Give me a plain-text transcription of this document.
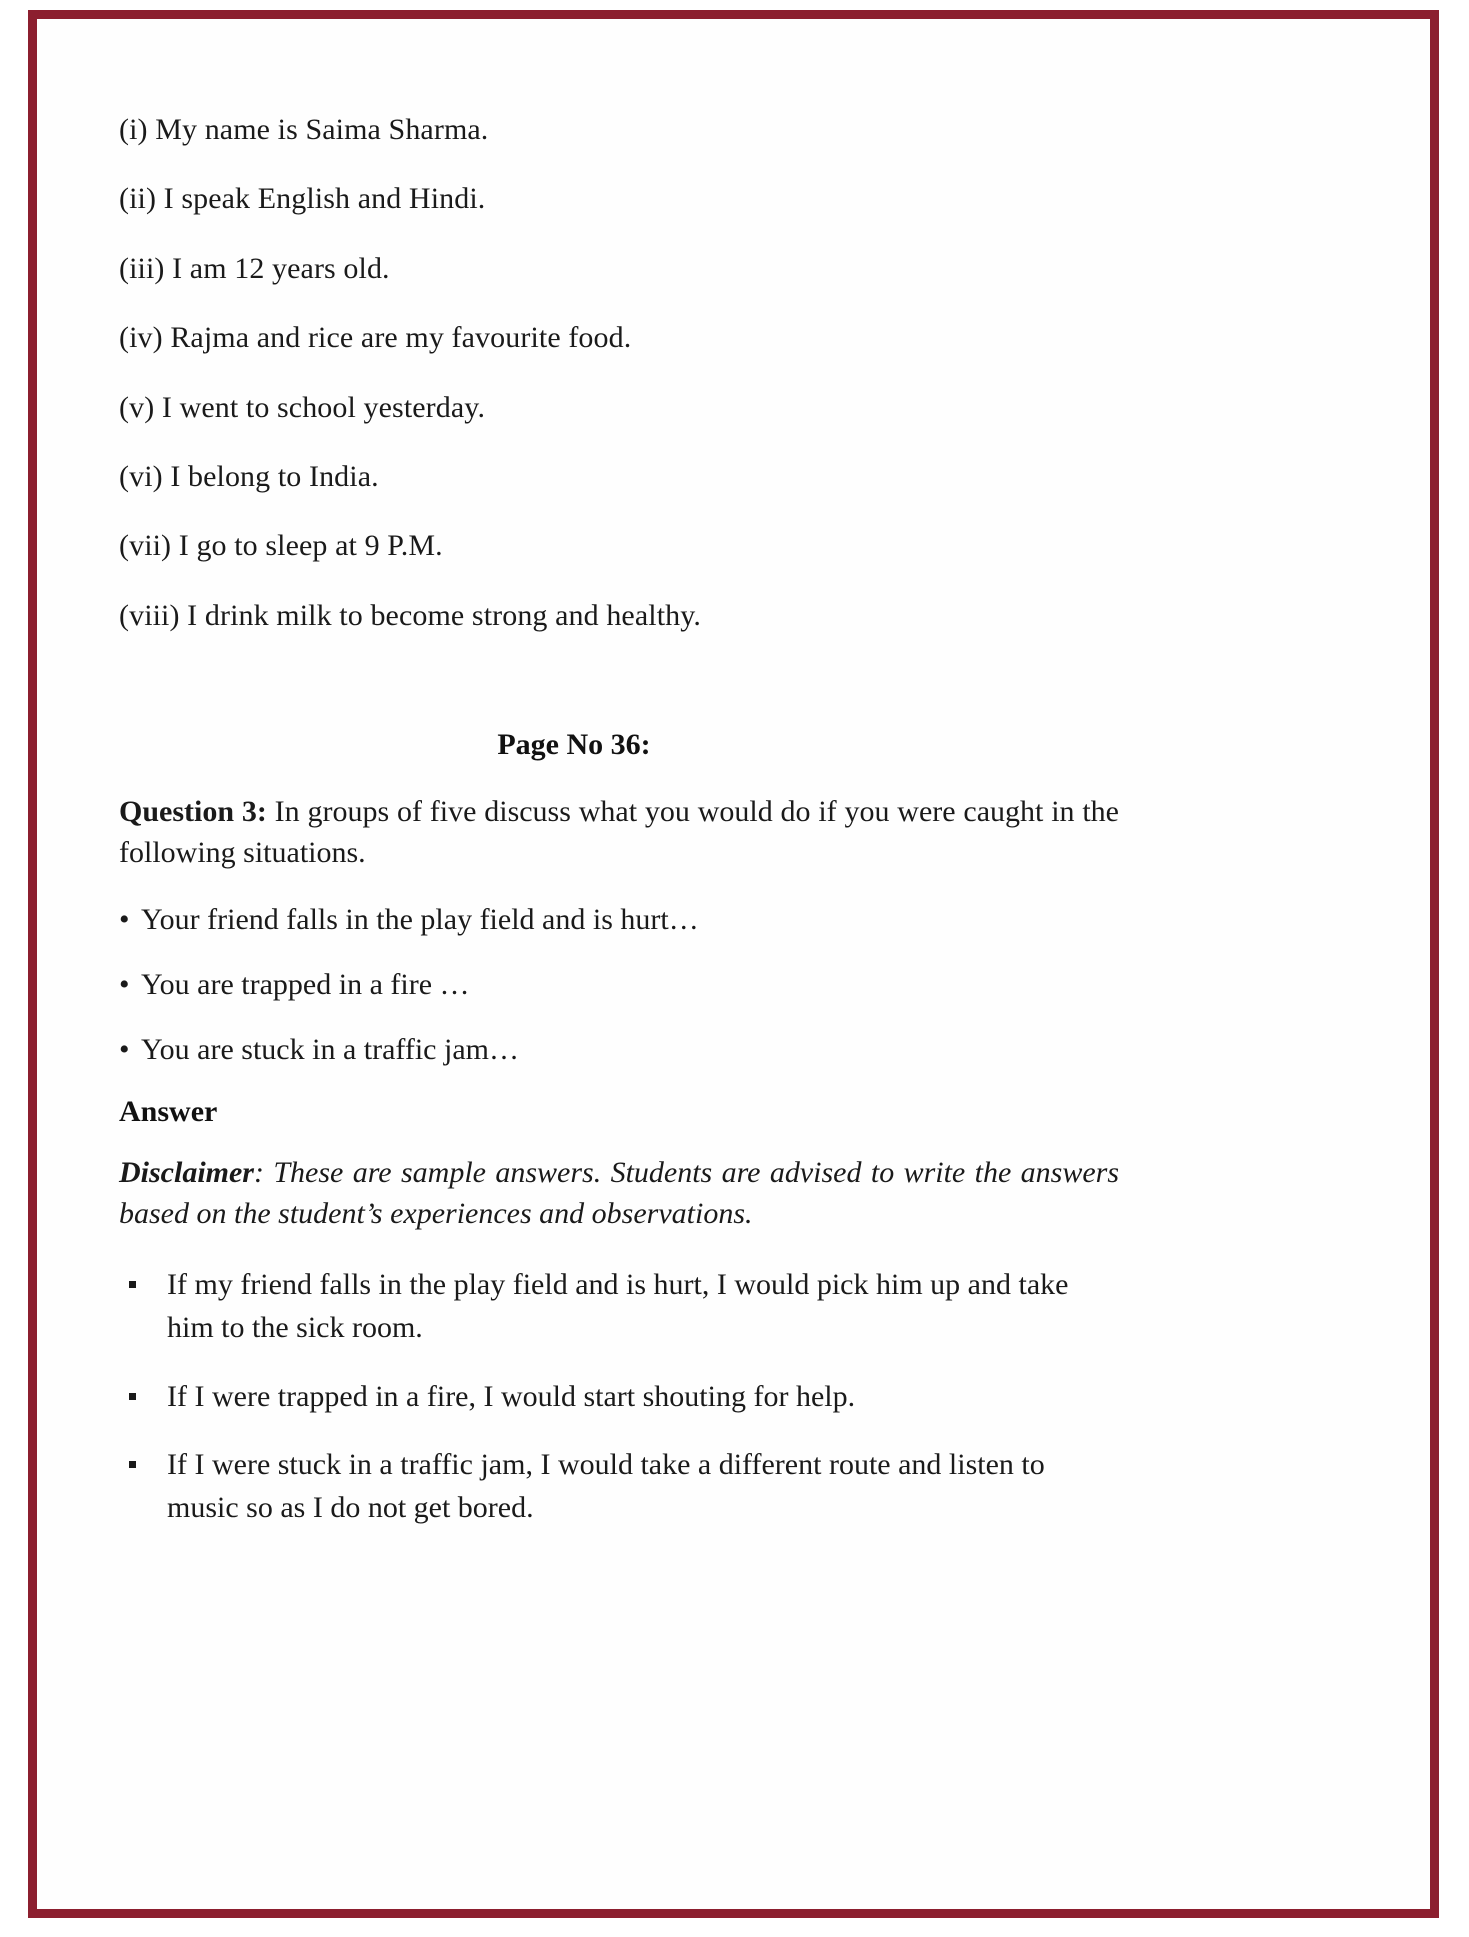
(i) My name is Saima Sharma.

(ii) I speak English and Hindi.

(iii) I am 12 years old.

(iv) Rajma and rice are my favourite food.

(v) I went to school yesterday.

(vi) I belong to India.

(vii) I go to sleep at 9 P.M.

(viii) I drink milk to become strong and healthy.

Page No 36:

Question 3: In groups of five discuss what you would do if you were caught in the following situations.

• Your friend falls in the play field and is hurt…

• You are trapped in a fire …

• You are stuck in a traffic jam…

Answer

Disclaimer: These are sample answers. Students are advised to write the answers based on the student’s experiences and observations.

If my friend falls in the play field and is hurt, I would pick him up and take him to the sick room.
If I were trapped in a fire, I would start shouting for help.
If I were stuck in a traffic jam, I would take a different route and listen to music so as I do not get bored.
